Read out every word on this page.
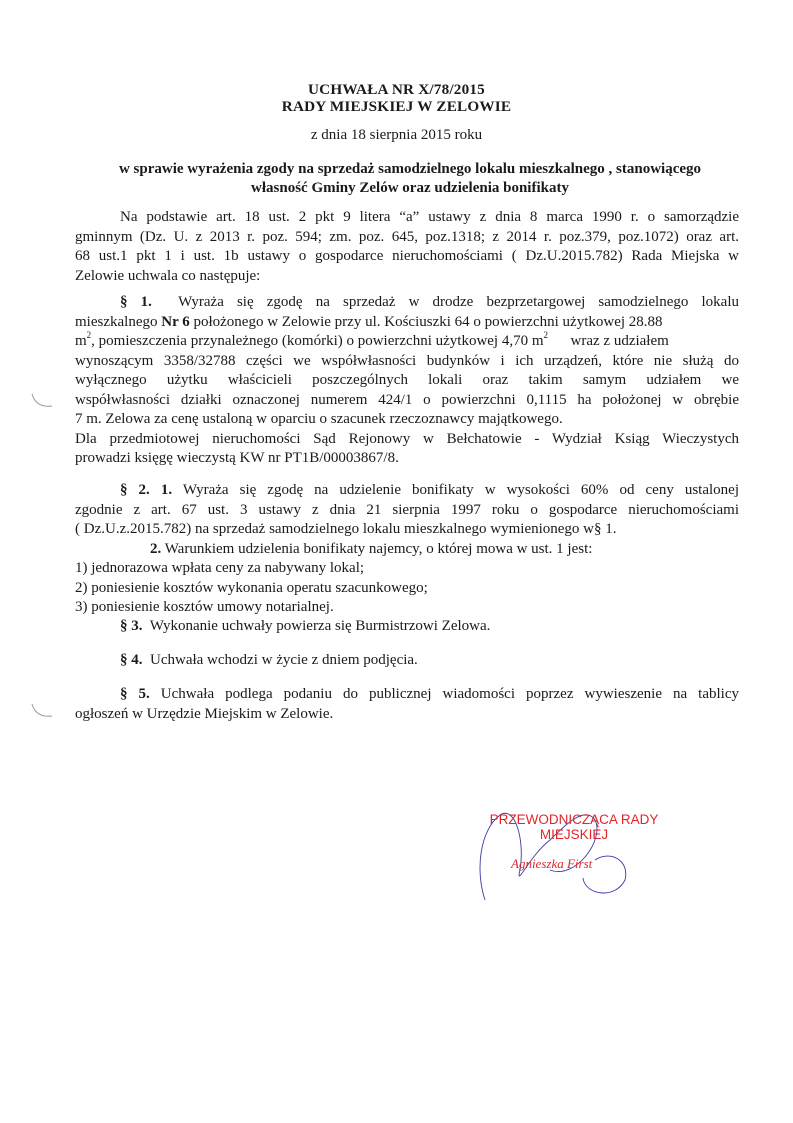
UCHWAŁA NR X/78/2015
RADY MIEJSKIEJ W ZELOWIE
z dnia 18 sierpnia 2015 roku
w sprawie wyrażenia zgody na sprzedaż samodzielnego lokalu mieszkalnego , stanowiącego
własność Gminy Zelów oraz udzielenia bonifikaty
Na podstawie art. 18 ust. 2 pkt 9 litera “a” ustawy z dnia 8 marca 1990 r. o samorządzie
gminnym (Dz. U. z 2013 r. poz. 594; zm. poz. 645, poz.1318; z 2014 r. poz.379, poz.1072) oraz art.
68 ust.1 pkt 1 i ust. 1b ustawy o gospodarce nieruchomościami ( Dz.U.2015.782) Rada Miejska w
Zelowie uchwala co następuje:
§ 1. Wyraża się zgodę na sprzedaż w drodze bezprzetargowej samodzielnego lokalu
mieszkalnego Nr 6 położonego w Zelowie przy ul. Kościuszki 64 o powierzchni użytkowej 28.88
$m^2$, pomieszczenia przynależnego (komórki) o powierzchni użytkowej 4,70 $m^2$      wraz z udziałem
wynoszącym 3358/32788 części we współwłasności budynków i ich urządzeń, które nie służą do
wyłącznego użytku właścicieli poszczególnych lokali oraz takim samym udziałem we
współwłasności działki oznaczonej numerem 424/1 o powierzchni 0,1115 ha położonej w obrębie
7 m. Zelowa za cenę ustaloną w oparciu o szacunek rzeczoznawcy majątkowego.
Dla przedmiotowej nieruchomości Sąd Rejonowy w Bełchatowie - Wydział Ksiąg Wieczystych
prowadzi księgę wieczystą KW nr PT1B/00003867/8.
§ 2. 1. Wyraża się zgodę na udzielenie bonifikaty w wysokości 60% od ceny ustalonej
zgodnie z art. 67 ust. 3 ustawy z dnia 21 sierpnia 1997 roku o gospodarce nieruchomościami
( Dz.U.z.2015.782) na sprzedaż samodzielnego lokalu mieszkalnego wymienionego w§ 1.
2. Warunkiem udzielenia bonifikaty najemcy, o której mowa w ust. 1 jest:
1) jednorazowa wpłata ceny za nabywany lokal;
2) poniesienie kosztów wykonania operatu szacunkowego;
3) poniesienie kosztów umowy notarialnej.
§ 3.  Wykonanie uchwały powierza się Burmistrzowi Zelowa.
§ 4.  Uchwała wchodzi w życie z dniem podjęcia.
§ 5. Uchwała podlega podaniu do publicznej wiadomości poprzez wywieszenie na tablicy
ogłoszeń w Urzędzie Miejskim w Zelowie.
PRZEWODNICZĄCA RADY
MIEJSKIEJ
Agnieszka First
